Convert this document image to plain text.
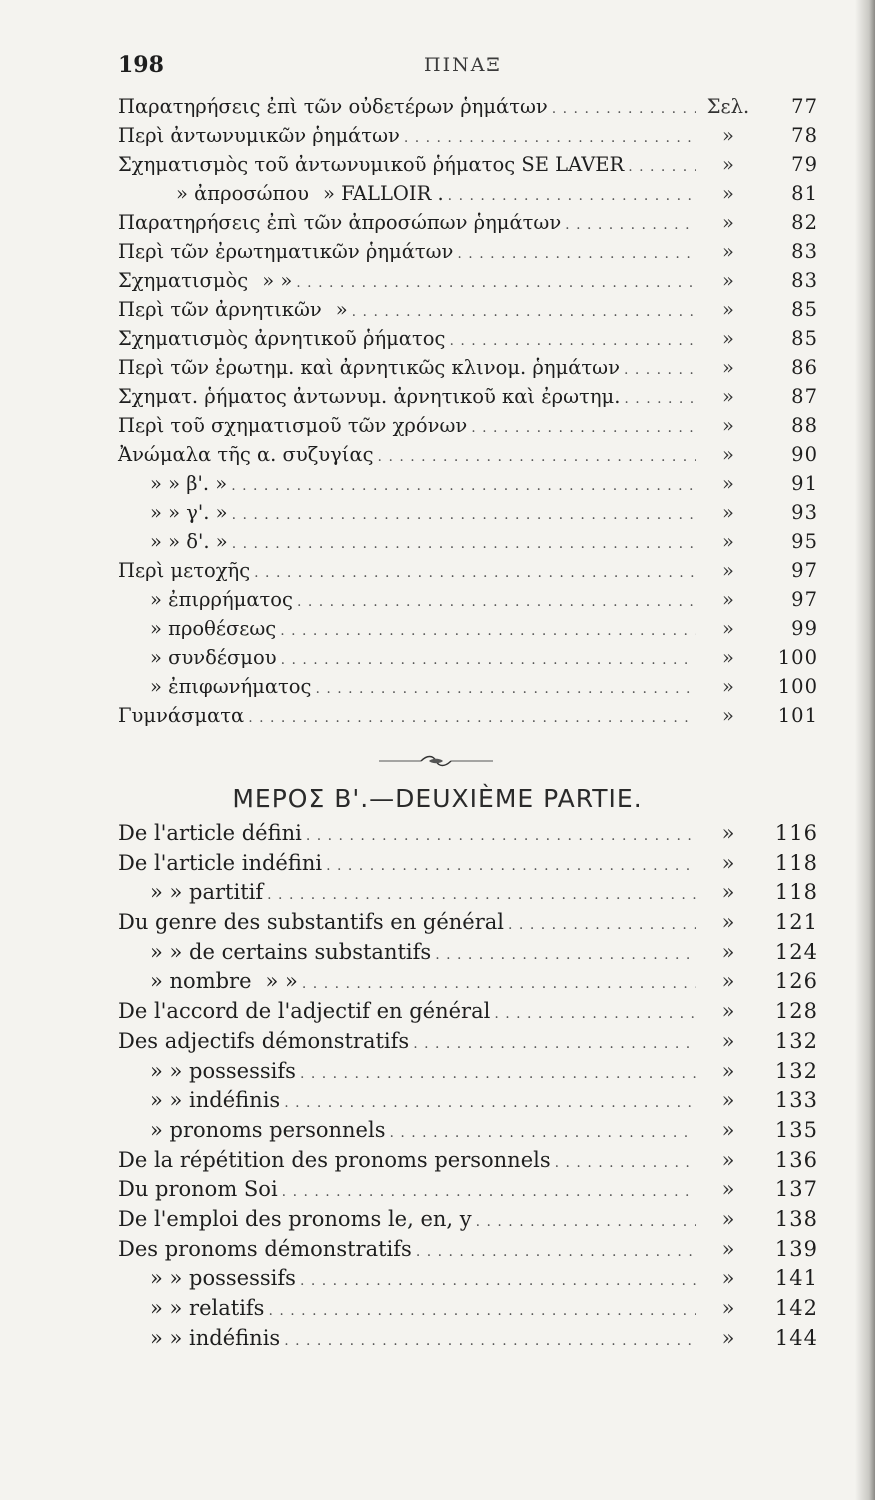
198	ΠΙΝΑΞ
Παρατηρήσεις ἐπὶ τῶν οὐδετέρων ῥημάτων . . .	Σελ.	77
Περὶ ἀντωνυμικῶν ῥημάτων . . .	»	78
Σχηματισμὸς τοῦ ἀντωνυμικοῦ ῥήματος SE LAVER . . .	»	79
» ἀπροσώπου » FALLOIR . . . .	»	81
Παρατηρήσεις ἐπὶ τῶν ἀπροσώπων ῥημάτων . . .	»	82
Περὶ τῶν ἐρωτηματικῶν ῥημάτων . . .	»	83
Σχηματισμὸς » » . . .	»	83
Περὶ τῶν ἀρνητικῶν » . . .	»	85
Σχηματισμὸς ἀρνητικοῦ ῥήματος . . .	»	85
Περὶ τῶν ἐρωτημ. καὶ ἀρνητικῶς κλινομ. ῥημάτων . . .	»	86
Σχηματ. ῥήματος ἀντωνυμ. ἀρνητικοῦ καὶ ἐρωτημ. . . .	»	87
Περὶ τοῦ σχηματισμοῦ τῶν χρόνων . . .	»	88
Ἀνώμαλα τῆς α. συζυγίας . . .	»	90
» » β'. » . . .	»	91
» » γ'. » . . .	»	93
» » δ'. » . . .	»	95
Περὶ μετοχῆς . . .	»	97
» ἐπιρρήματος . . .	»	97
» προθέσεως . . .	»	99
» συνδέσμου . . .	»	100
» ἐπιφωνήματος . . .	»	100
Γυμνάσματα . . .	»	101
ΜΕΡΟΣ Β'.—DEUXIÈME PARTIE.
De l'article défini . . .	»	116
De l'article indéfini . . .	»	118
» » partitif . . .	»	118
Du genre des substantifs en général . . .	»	121
» » de certains substantifs . . .	»	124
» nombre » » . . .	»	126
De l'accord de l'adjectif en général . . .	»	128
Des adjectifs démonstratifs . . .	»	132
» » possessifs . . .	»	132
» » indéfinis . . .	»	133
» pronoms personnels . . .	»	135
De la répétition des pronoms personnels . . .	»	136
Du pronom Soi . . .	»	137
De l'emploi des pronoms le, en, y . . .	»	138
Des pronoms démonstratifs . . .	»	139
» » possessifs . . .	»	141
» » relatifs . . .	»	142
» » indéfinis . . .	»	144
